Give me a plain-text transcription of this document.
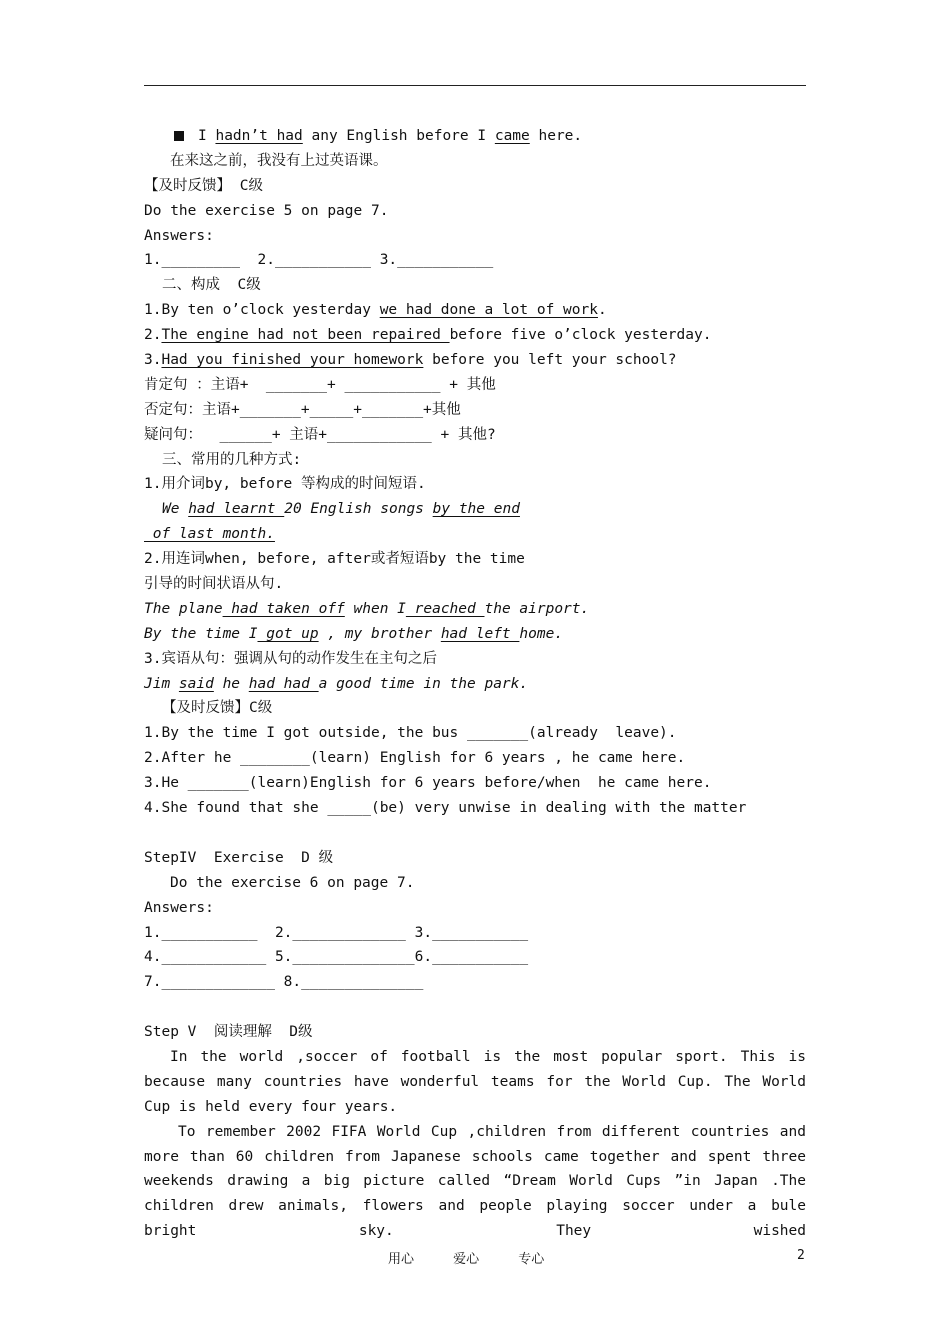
I hadn’t had any English before I came here.
在来这之前，我没有上过英语课。
【及时反馈】 C级
Do the exercise 5 on page 7.
Answers:
1._________  2.___________ 3.___________
二、构成  C级
1.By ten o’clock yesterday we had done a lot of work.
2.The engine had not been repaired before five o’clock yesterday.
3.Had you finished your homework before you left your school?
肯定句 ：主语+  _______+ ___________ + 其他
否定句：主语+_______+_____+_______+其他
疑问句：  ______+ 主语+____________ + 其他?
三、常用的几种方式:
1.用介词by, before 等构成的时间短语.
We had learnt 20 English songs by the end
of last month.
2.用连词when, before, after或者短语by the time
引导的时间状语从句.
The plane had taken off when I reached the airport.
By the time I got up , my brother had left home.
3.宾语从句：强调从句的动作发生在主句之后
Jim said he had had a good time in the park.
【及时反馈】C级
1.By the time I got outside, the bus _______(already  leave).
2.After he ________(learn) English for 6 years , he came here.
3.He _______(learn)English for 6 years before/when  he came here.
4.She found that she _____(be) very unwise in dealing with the matter
StepIV  Exercise  D 级
Do the exercise 6 on page 7.
Answers:
1.___________  2._____________ 3.___________
4.____________ 5.______________6.___________
7._____________ 8.______________
Step V  阅读理解  D级
In the world ,soccer of football is the most popular sport. This is because many countries have wonderful teams for the World Cup. The World Cup is held every four years.
To remember 2002 FIFA World Cup ,children from different countries and more than 60 children from Japanese schools came together and spent three weekends drawing a big picture called “Dream World Cups ”in Japan .The children drew animals, flowers and people playing soccer under a bule bright sky. They wished
用心     爱心     专心	2
